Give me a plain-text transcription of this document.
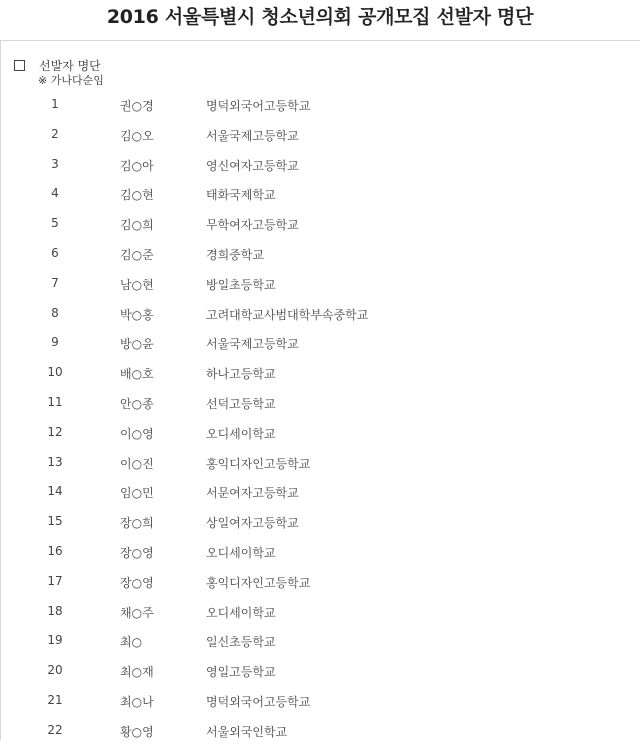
2016 서울특별시 청소년의회 공개모집 선발자 명단
선발자 명단
※ 가나다순임
1	권○경	명덕외국어고등학교
2	김○오	서울국제고등학교
3	김○아	영신여자고등학교
4	김○현	태화국제학교
5	김○희	무학여자고등학교
6	김○준	경희중학교
7	남○현	방일초등학교
8	박○홍	고려대학교사범대학부속중학교
9	방○윤	서울국제고등학교
10	배○호	하나고등학교
11	안○종	선덕고등학교
12	이○영	오디세이학교
13	이○진	홍익디자인고등학교
14	임○민	서문여자고등학교
15	장○희	상일여자고등학교
16	장○영	오디세이학교
17	장○영	홍익디자인고등학교
18	채○주	오디세이학교
19	최○	일신초등학교
20	최○재	영일고등학교
21	최○나	명덕외국어고등학교
22	황○영	서울외국인학교
